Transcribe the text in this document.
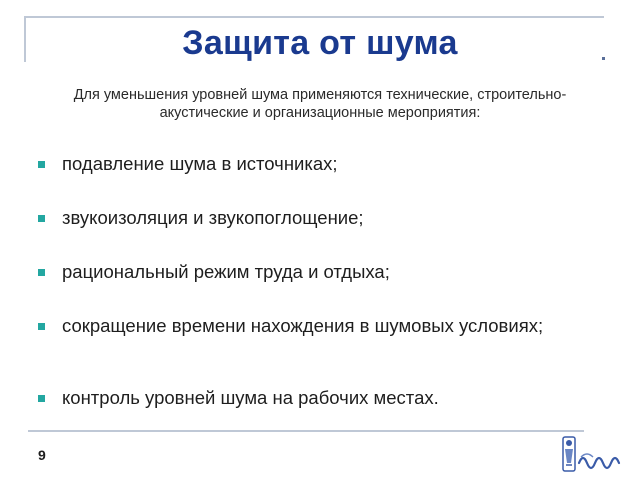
Защита от шума
Для уменьшения уровней шума применяются технические, строительно-акустические и организационные мероприятия:
подавление шума в источниках;
звукоизоляция и звукопоглощение;
рациональный режим труда и отдыха;
сокращение времени нахождения в шумовых условиях;
контроль уровней шума на рабочих местах.
9
